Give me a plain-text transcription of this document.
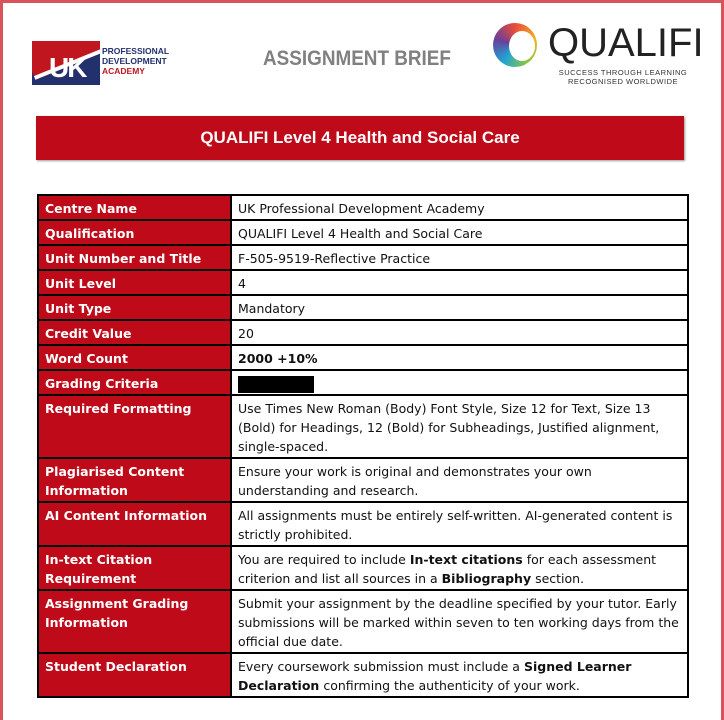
UK
PROFESSIONAL
DEVELOPMENT
ACADEMY
ASSIGNMENT BRIEF QUALIFI
SUCCESS THROUGH LEARNING
RECOGNISED WORLDWIDE
QUALIFI Level 4 Health and Social Care
Centre Name	UK Professional Development Academy
Qualification	QUALIFI Level 4 Health and Social Care
Unit Number and Title	F-505-9519-Reflective Practice
Unit Level	4
Unit Type	Mandatory
Credit Value	20
Word Count	2000 +10%
Grading Criteria	
Required Formatting	Use Times New Roman (Body) Font Style, Size 12 for Text, Size 13 (Bold) for Headings, 12 (Bold) for Subheadings, Justified alignment, single-spaced.
Plagiarised Content Information	Ensure your work is original and demonstrates your own understanding and research.
AI Content Information	All assignments must be entirely self-written. AI-generated content is strictly prohibited.
In-text Citation Requirement	You are required to include In-text citations for each assessment criterion and list all sources in a Bibliography section.
Assignment Grading Information	Submit your assignment by the deadline specified by your tutor. Early submissions will be marked within seven to ten working days from the official due date.
Student Declaration	Every coursework submission must include a Signed Learner Declaration confirming the authenticity of your work.
